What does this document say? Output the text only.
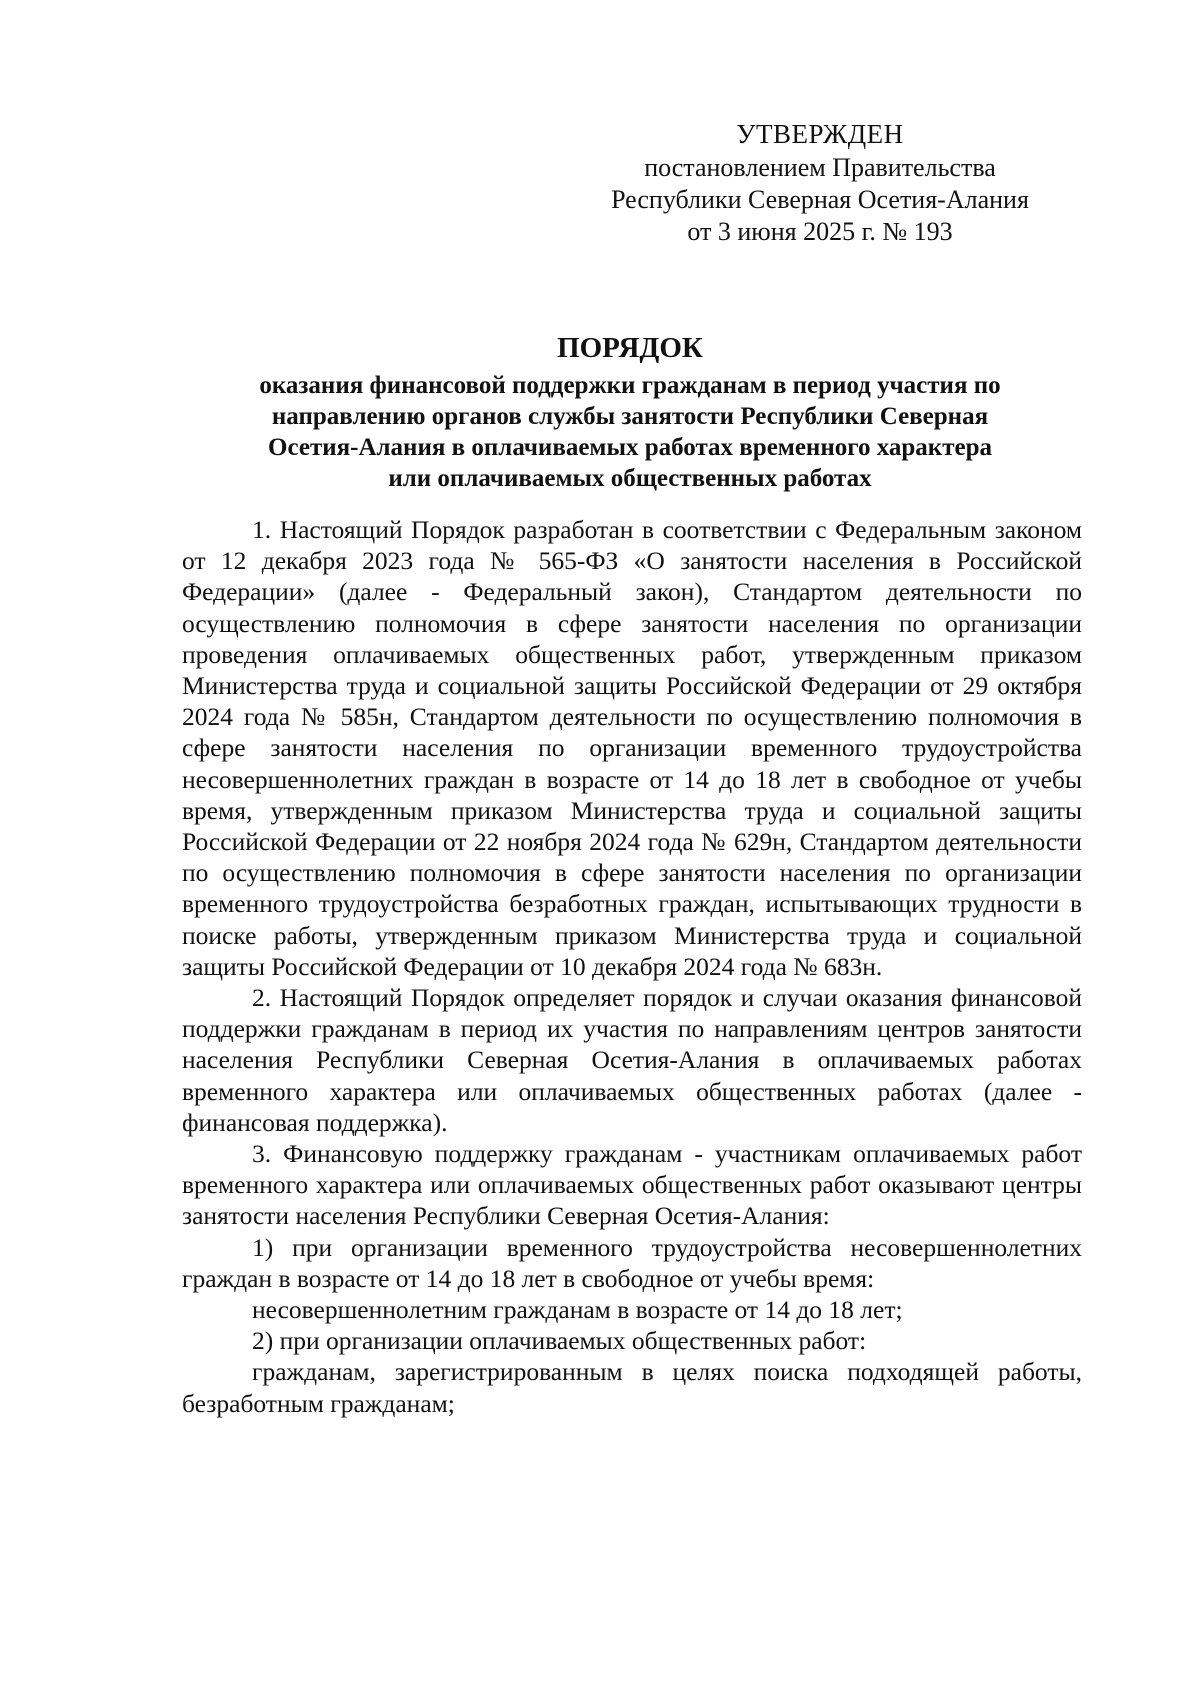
УТВЕРЖДЕН
постановлением Правительства
Республики Северная Осетия-Алания
от 3 июня 2025 г. № 193
ПОРЯДОК
оказания финансовой поддержки гражданам в период участия по
направлению органов службы занятости Республики Северная
Осетия-Алания в оплачиваемых работах временного характера
или оплачиваемых общественных работах

1. Настоящий Порядок разработан в соответствии с Федеральным законом от 12 декабря 2023 года № 565-ФЗ «О занятости населения в Российской Федерации» (далее - Федеральный закон), Стандартом деятельности по осуществлению полномочия в сфере занятости населения по организации проведения оплачиваемых общественных работ, утвержденным приказом Министерства труда и социальной защиты Российской Федерации от 29 октября 2024 года № 585н, Стандартом деятельности по осуществлению полномочия в сфере занятости населения по организации временного трудоустройства несовершеннолетних граждан в возрасте от 14 до 18 лет в свободное от учебы время, утвержденным приказом Министерства труда и социальной защиты Российской Федерации от 22 ноября 2024 года № 629н, Стандартом деятельности по осуществлению полномочия в сфере занятости населения по организации временного трудоустройства безработных граждан, испытывающих трудности в поиске работы, утвержденным приказом Министерства труда и социальной защиты Российской Федерации от 10 декабря 2024 года № 683н.

2. Настоящий Порядок определяет порядок и случаи оказания финансовой поддержки гражданам в период их участия по направлениям центров занятости населения Республики Северная Осетия-Алания в оплачиваемых работах временного характера или оплачиваемых общественных работах (далее - финансовая поддержка).

3. Финансовую поддержку гражданам - участникам оплачиваемых работ временного характера или оплачиваемых общественных работ оказывают центры занятости населения Республики Северная Осетия-Алания:

1) при организации временного трудоустройства несовершеннолетних граждан в возрасте от 14 до 18 лет в свободное от учебы время:

несовершеннолетним гражданам в возрасте от 14 до 18 лет;

2) при организации оплачиваемых общественных работ:

гражданам, зарегистрированным в целях поиска подходящей работы, безработным гражданам;
